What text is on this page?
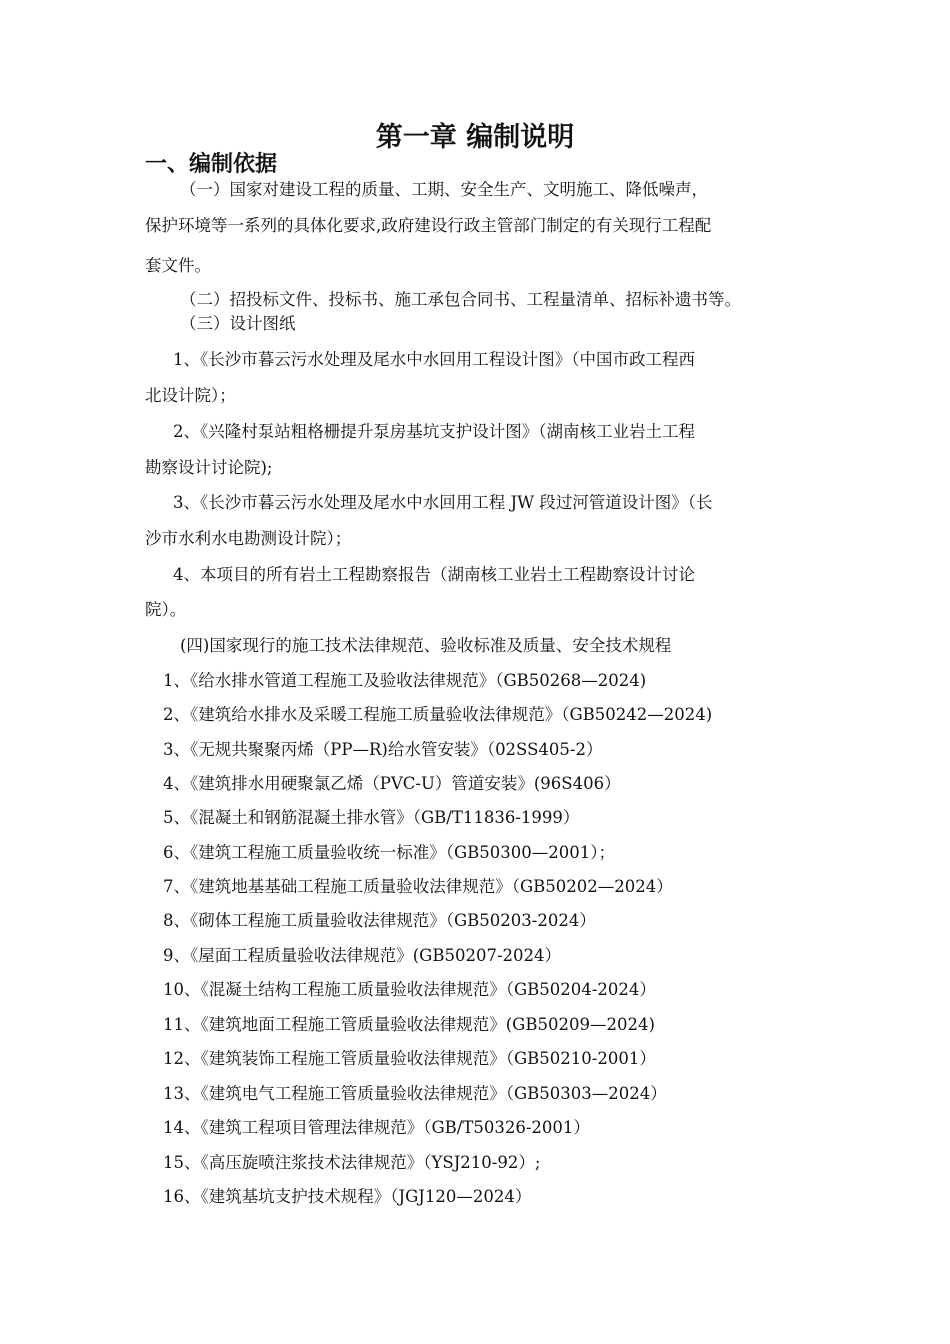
第一章 编制说明
一、编制依据

（一）国家对建设工程的质量、工期、安全生产、文明施工、降低噪声，

保护环境等一系列的具体化要求,政府建设行政主管部门制定的有关现行工程配

套文件。

（二）招投标文件、投标书、施工承包合同书、工程量清单、招标补遗书等。

（三）设计图纸

1、《长沙市暮云污水处理及尾水中水回用工程设计图》（中国市政工程西

北设计院）；

2、《兴隆村泵站粗格栅提升泵房基坑支护设计图》（湖南核工业岩土工程

勘察设计讨论院);

3、《长沙市暮云污水处理及尾水中水回用工程 JW 段过河管道设计图》（长

沙市水利水电勘测设计院）；

4、本项目的所有岩土工程勘察报告（湖南核工业岩土工程勘察设计讨论

院）。

(四)国家现行的施工技术法律规范、验收标准及质量、安全技术规程

1、《给水排水管道工程施工及验收法律规范》（GB50268—2024)

2、《建筑给水排水及采暖工程施工质量验收法律规范》（GB50242—2024)

3、《无规共聚聚丙烯（PP—R)给水管安装》（02SS405-2）

4、《建筑排水用硬聚氯乙烯（PVC-U）管道安装》(96S406）

5、《混凝土和钢筋混凝土排水管》（GB/T11836-1999）

6、《建筑工程施工质量验收统一标准》（GB50300—2001）；

7、《建筑地基基础工程施工质量验收法律规范》（GB50202—2024）

8、《砌体工程施工质量验收法律规范》（GB50203-2024）

9、《屋面工程质量验收法律规范》(GB50207-2024）

10、《混凝土结构工程施工质量验收法律规范》（GB50204-2024）

11、《建筑地面工程施工管质量验收法律规范》(GB50209—2024)

12、《建筑装饰工程施工管质量验收法律规范》（GB50210-2001）

13、《建筑电气工程施工管质量验收法律规范》（GB50303—2024）

14、《建筑工程项目管理法律规范》（GB/T50326-2001）

15、《高压旋喷注浆技术法律规范》（YSJ210-92）;

16、《建筑基坑支护技术规程》（JGJ120—2024）
